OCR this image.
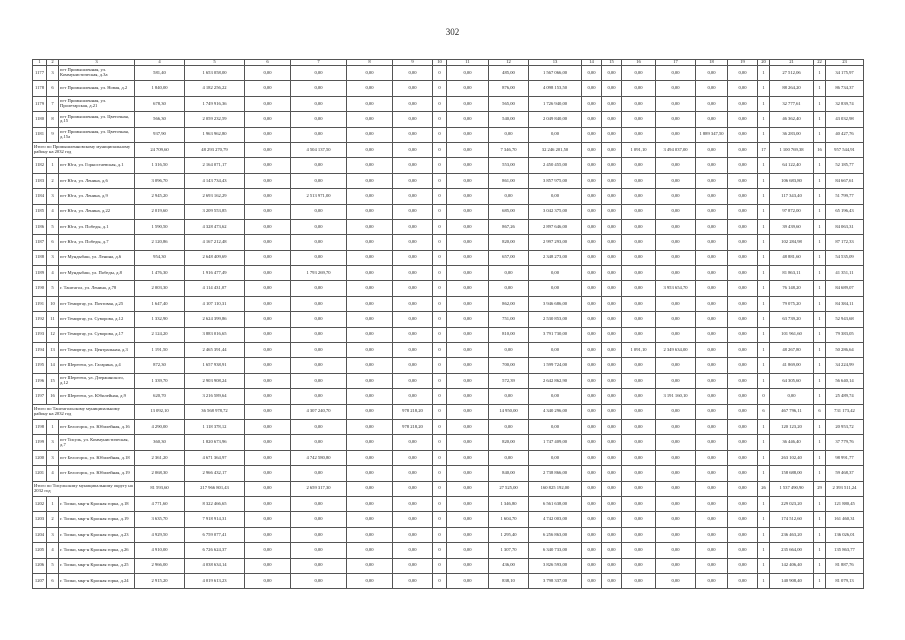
302
1	2	3	4	5	6	7	8	9	10	11	12	13	14	15	16	17	18	19	20	21	22	23
1177	3	пгт Промышленная, ул. Коммунистическая, д.3а	581,40	1 653 058,00	0,00	0,00	0,00	0,00	0	0,00	485,00	1 567 066,00	0,00	0,00	0,00	0,00	0,00	0,00	1	27 512,06	1	34 175,97
1178	6	пгт Промышленная, ул. Новая, д.2	1 840,00	4 182 256,22	0,00	0,00	0,00	0,00	0	0,00	876,00	4 098 153,50	0,00	0,00	0,00	0,00	0,00	0,00	1	88 264,20	1	86 734,37
1179	7	пгт Промышленная, ул. Пролетарская, д.21	678,30	1 749 916,36	0,00	0,00	0,00	0,00	0	0,00	565,00	1 726 940,00	0,00	0,00	0,00	0,00	0,00	0,00	1	32 777,61	1	32 839,74
1180	8	пгт Промышленная, ул. Цветочная, д.15	566,30	2 059 232,59	0,00	0,00	0,00	0,00	0	0,00	540,00	2 049 840,00	0,00	0,00	0,00	0,00	0,00	0,00	1	46 362,40	1	43 032,98
1181	9	пгт Промышленная, ул. Цветочная, д.15а	937,90	1 963 962,80	0,00	0,00	0,00	0,00	0	0,00	0,00	0,00	0,00	0,00	0,00	0,00	1 889 347,50	0,00	1	36 283,00	1	40 427,76
Итого по Промышленновскому муниципальному району на 2032 год			24 709,60	48 293 270,79	0,00	4 504 137,50	0,00	0,00	0	0,00	7 346,70	32 246 201,50	0,00	0,00	1 091,10	3 494 037,00	0,00	0,00	17	1 100 769,38	16	957 544,91
1182	1	пгт Юга, ул. Горностаевская, д.1	1 316,50	2 164 071,17	0,00	0,00	0,00	0,00	0	0,00	553,00	2 450 455,00	0,00	0,00	0,00	0,00	0,00	0,00	1	64 122,40	1	52 185,77
1183	2	пгт Юга, ул. Ленина, д.6	3 096,70	4 143 734,43	0,00	0,00	0,00	0,00	0	0,00	861,00	3 857 975,00	0,00	0,00	0,00	0,00	0,00	0,00	1	106 683,80	1	84 667,61
1184	3	пгт Юга, ул. Ленина, д.9	2 945,20	2 693 162,29	0,00	2 513 971,00	0,00	0,00	0	0,00	0,00	0,00	0,00	0,00	0,00	0,00	0,00	0,00	1	117 343,40	1	51 799,77
1185	4	пгт Юга, ул. Ленина, д.22	2 019,60	3 209 553,85	0,00	0,00	0,00	0,00	0	0,00	685,00	3 042 375,00	0,00	0,00	0,00	0,00	0,00	0,00	1	97 872,00	1	65 196,43
1186	5	пгт Юга, ул. Победы, д.1	1 590,50	4 328 473,62	0,00	0,00	0,00	0,00	0	0,00	867,26	2 897 646,00	0,00	0,00	0,00	0,00	0,00	0,00	1	39 439,60	1	84 063,31
1187	6	пгт Юга, ул. Победы, д.7	2 120,86	4 167 212,48	0,00	0,00	0,00	0,00	0	0,00	820,00	2 997 293,00	0,00	0,00	0,00	0,00	0,00	0,00	1	102 284,98	1	87 172,33
1188	3	пгт Мундыбаш, ул. Ленина, д.6	954,30	2 648 409,69	0,00	0,00	0,00	0,00	0	0,00	657,00	2 348 273,00	0,00	0,00	0,00	0,00	0,00	0,00	1	48 881,60	1	54 535,09
1189	4	пгт Мундыбаш, ул. Победы, д.8	1 476,30	1 916 477,49	0,00	1 793 269,70	0,00	0,00	0	0,00	0,00	0,00	0,00	0,00	0,00	0,00	0,00	0,00	1	81 863,11	1	41 351,11
1190	5	г. Таштагол, ул. Ленина, д.78	2 003,30	4 114 431,07	0,00	0,00	0,00	0,00	0	0,00	0,00	0,00	0,00	0,00	0,00	3 953 654,70	0,00	0,00	1	76 148,20	1	84 689,07
1191	10	пгт Темиртау, ул. Почтовая, д.25	1 647,40	4 107 110,31	0,00	0,00	0,00	0,00	0	0,00	862,00	3 946 686,00	0,00	0,00	0,00	0,00	0,00	0,00	1	79 075,20	1	84 384,11
1192	11	пгт Темиртау, ул. Суворова, д.12	1 332,90	2 624 399,86	0,00	0,00	0,00	0,00	0	0,00	751,00	2 530 853,00	0,00	0,00	0,00	0,00	0,00	0,00	1	63 739,20	1	52 943,68
1193	12	пгт Темиртау, ул. Суворова, д.17	2 124,20	3 883 016,65	0,00	0,00	0,00	0,00	0	0,00	810,00	3 791 730,00	0,00	0,00	0,00	0,00	0,00	0,00	1	101 961,60	1	79 383,05
1194	13	пгт Темиртау, ул. Центральная, д.3	1 191,50	2 465 391,44	0,00	0,00	0,00	0,00	0	0,00	0,00	0,00	0,00	0,00	1 091,10	2 349 634,00	0,00	0,00	1	48 267,80	1	50 286,64
1195	14	пгт Шерегеш, ул. Гагарина, д.4	872,30	1 657 938,91	0,00	0,00	0,00	0,00	0	0,00	700,00	1 599 724,00	0,00	0,00	0,00	0,00	0,00	0,00	1	41 869,00	1	34 224,99
1196	15	пгт Шерегеш, ул. Дзержинского, д.12	1 339,70	2 903 908,24	0,00	0,00	0,00	0,00	0	0,00	572,39	2 642 862,90	0,00	0,00	0,00	0,00	0,00	0,00	1	64 305,60	1	56 640,14
1197	16	пгт Шерегеш, ул. Юбилейная, д.9	620,70	3 216 589,64	0,00	0,00	0,00	0,00	0	0,00	0,00	0,00	0,00	0,00	0,00	3 191 160,10	0,00	0,00	0	0,00	1	25 489,74
Итого по Таштагольскому муниципальному району на 2032 год			13 092,10	36 568 978,72	0,00	4 307 240,70	0,00	978 218,20	0	0,00	14 950,00	4 340 296,00	0,00	0,00	0,00	0,00	0,00	0,00	6	467 796,11	6	731 173,42
1198	1	пгт Белогорск, ул. Юбилейная, д.16	4 290,00	1 118 378,12	0,00	0,00	0,00	978 218,20	0	0,00	0,00	0,00	0,00	0,00	0,00	0,00	0,00	0,00	1	120 123,20	1	20 953,72
1199	3	пгт Тисуль, ул. Коммунистическая, д.7	360,30	1 820 673,96	0,00	0,00	0,00	0,00	0	0,00	820,00	1 747 409,00	0,00	0,00	0,00	0,00	0,00	0,00	1	36 446,40	1	37 779,76
1200	3	пгт Белогорск, ул. Юбилейная, д.18	2 361,20	4 671 364,97	0,00	4 742 580,80	0,00	0,00	0	0,00	0,00	0,00	0,00	0,00	0,00	0,00	0,00	0,00	1	263 102,40	1	98 991,77
1201	4	пгт Белогорск, ул. Юбилейная, д.19	2 068,30	2 966 432,17	0,00	0,00	0,00	0,00	0	0,00	840,00	2 738 866,00	0,00	0,00	0,00	0,00	0,00	0,00	1	158 688,00	1	59 468,37
Итого по Тисульскому муниципальному округу на 2032 год			81 593,60	217 966 801,43	0,00	2 659 317,30	0,00	0,00	0	0,00	27 525,00	160 825 192,00	0,00	0,00	0,00	0,00	0,00	0,00	26	1 537 490,90	29	2 393 511,24
1202	1	г. Топки, мкр-н Красная горка, д.18	4 771,60	8 322 466,65	0,00	0,00	0,00	0,00	0	0,00	1 346,80	6 561 638,00	0,00	0,00	0,00	0,00	0,00	0,00	1	229 023,20	1	121 880,45
1203	2	г. Топки, мкр-н Красная горка, д.19	3 635,70	7 918 914,31	0,00	0,00	0,00	0,00	0	0,00	1 604,70	4 742 003,00	0,00	0,00	0,00	0,00	0,00	0,00	1	174 512,60	1	161 460,31
1204	3	г. Топки, мкр-н Красная горка, д.23	4 929,50	6 759 077,41	0,00	0,00	0,00	0,00	0	0,00	1 295,40	6 256 863,00	0,00	0,00	0,00	0,00	0,00	0,00	1	236 463,20	1	136 026,01
1205	4	г. Топки, мкр-н Красная горка, д.26	4 910,00	6 726 624,37	0,00	0,00	0,00	0,00	0	0,00	1 307,70	6 340 733,00	0,00	0,00	0,00	0,00	0,00	0,00	1	235 664,00	1	135 863,77
1206	5	г. Топки, мкр-н Красная горка, д.25	2 966,00	4 038 634,14	0,00	0,00	0,00	0,00	0	0,00	436,00	3 826 593,00	0,00	0,00	0,00	0,00	0,00	0,00	1	142 406,40	1	81 887,76
1207	6	г. Топки, мкр-н Красная горка, д.24	2 915,20	4 019 613,23	0,00	0,00	0,00	0,00	0	0,00	838,10	3 798 337,00	0,00	0,00	0,00	0,00	0,00	0,00	1	140 908,40	1	81 079,13
